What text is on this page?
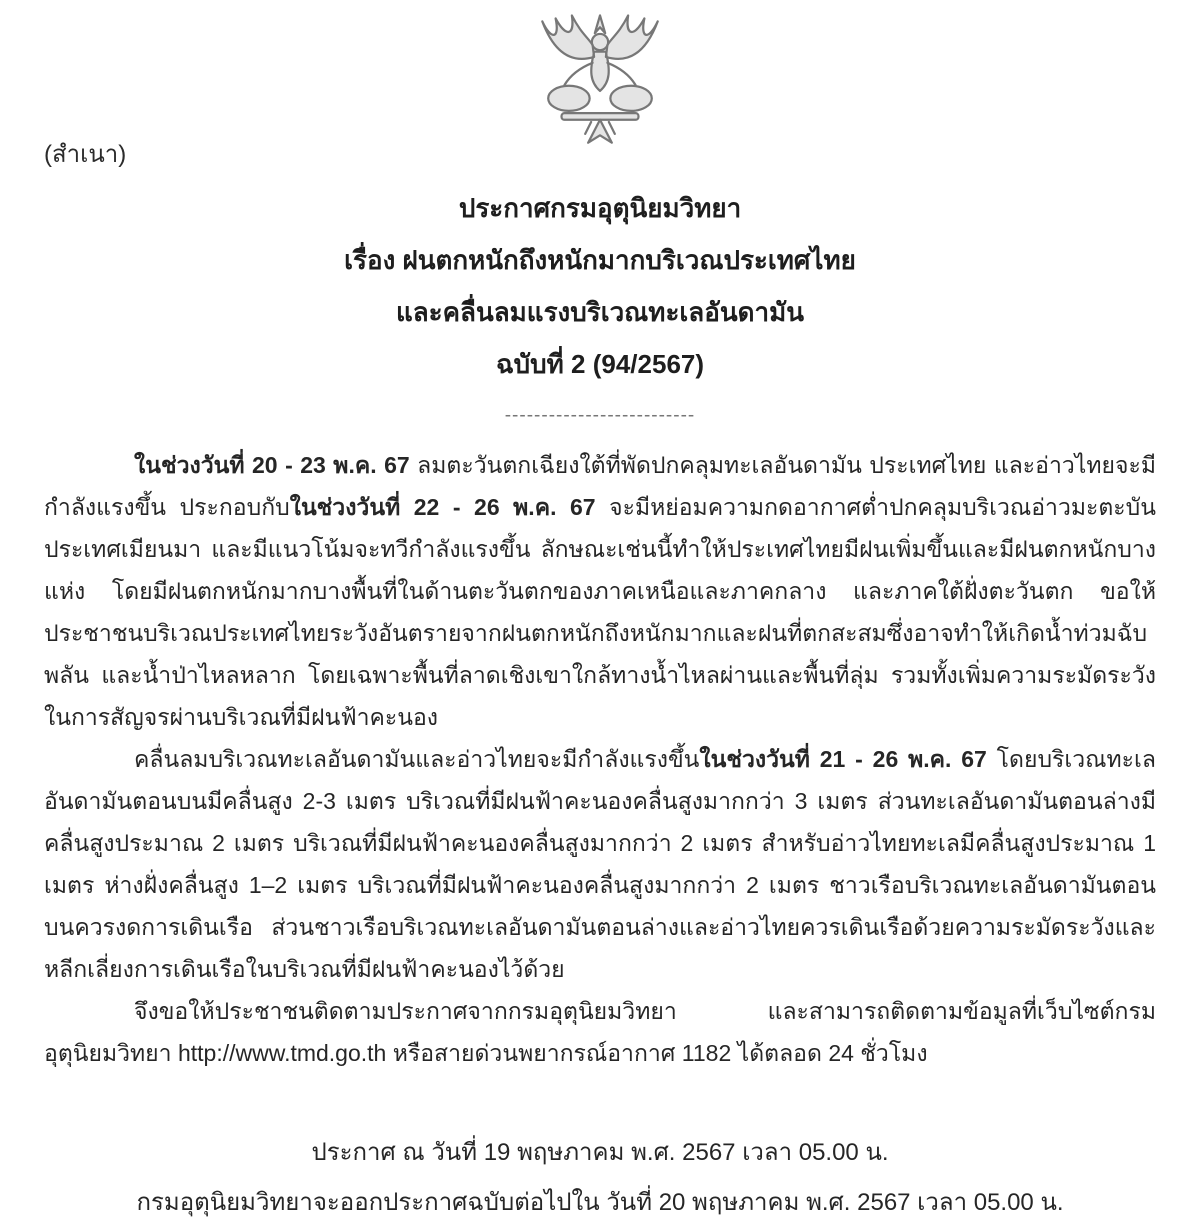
(สำเนา)
ประกาศกรมอุตุนิยมวิทยา
เรื่อง ฝนตกหนักถึงหนักมากบริเวณประเทศไทย
และคลื่นลมแรงบริเวณทะเลอันดามัน
ฉบับที่ 2 (94/2567)
--------------------------

ในช่วงวันที่ 20 - 23 พ.ค. 67 ลมตะวันตกเฉียงใต้ที่พัดปกคลุมทะเลอันดามัน ประเทศไทย และอ่าวไทยจะมีกำลังแรงขึ้น ประกอบกับในช่วงวันที่ 22 - 26 พ.ค. 67 จะมีหย่อมความกดอากาศต่ำปกคลุมบริเวณอ่าวมะตะบัน ประเทศเมียนมา และมีแนวโน้มจะทวีกำลังแรงขึ้น ลักษณะเช่นนี้ทำให้ประเทศไทยมีฝนเพิ่มขึ้นและมีฝนตกหนักบางแห่ง โดยมีฝนตกหนักมากบางพื้นที่ในด้านตะวันตกของภาคเหนือและภาคกลาง และภาคใต้ฝั่งตะวันตก ขอให้ประชาชนบริเวณประเทศไทยระวังอันตรายจากฝนตกหนักถึงหนักมากและฝนที่ตกสะสมซึ่งอาจทำให้เกิดน้ำท่วมฉับพลัน และน้ำป่าไหลหลาก โดยเฉพาะพื้นที่ลาดเชิงเขาใกล้ทางน้ำไหลผ่านและพื้นที่ลุ่ม รวมทั้งเพิ่มความระมัดระวังในการสัญจรผ่านบริเวณที่มีฝนฟ้าคะนอง

คลื่นลมบริเวณทะเลอันดามันและอ่าวไทยจะมีกำลังแรงขึ้นในช่วงวันที่ 21 - 26 พ.ค. 67 โดยบริเวณทะเลอันดามันตอนบนมีคลื่นสูง 2-3 เมตร บริเวณที่มีฝนฟ้าคะนองคลื่นสูงมากกว่า 3 เมตร ส่วนทะเลอันดามันตอนล่างมีคลื่นสูงประมาณ 2 เมตร บริเวณที่มีฝนฟ้าคะนองคลื่นสูงมากกว่า 2 เมตร สำหรับอ่าวไทยทะเลมีคลื่นสูงประมาณ 1 เมตร ห่างฝั่งคลื่นสูง 1–2 เมตร บริเวณที่มีฝนฟ้าคะนองคลื่นสูงมากกว่า 2 เมตร ชาวเรือบริเวณทะเลอันดามันตอนบนควรงดการเดินเรือ ส่วนชาวเรือบริเวณทะเลอันดามันตอนล่างและอ่าวไทยควรเดินเรือด้วยความระมัดระวังและหลีกเลี่ยงการเดินเรือในบริเวณที่มีฝนฟ้าคะนองไว้ด้วย

จึงขอให้ประชาชนติดตามประกาศจากกรมอุตุนิยมวิทยา และสามารถติดตามข้อมูลที่เว็บไซต์กรมอุตุนิยมวิทยา http://www.tmd.go.th หรือสายด่วนพยากรณ์อากาศ 1182 ได้ตลอด 24 ชั่วโมง

ประกาศ ณ วันที่ 19 พฤษภาคม พ.ศ. 2567 เวลา 05.00 น.
กรมอุตุนิยมวิทยาจะออกประกาศฉบับต่อไปใน วันที่ 20 พฤษภาคม พ.ศ. 2567 เวลา 05.00 น.
